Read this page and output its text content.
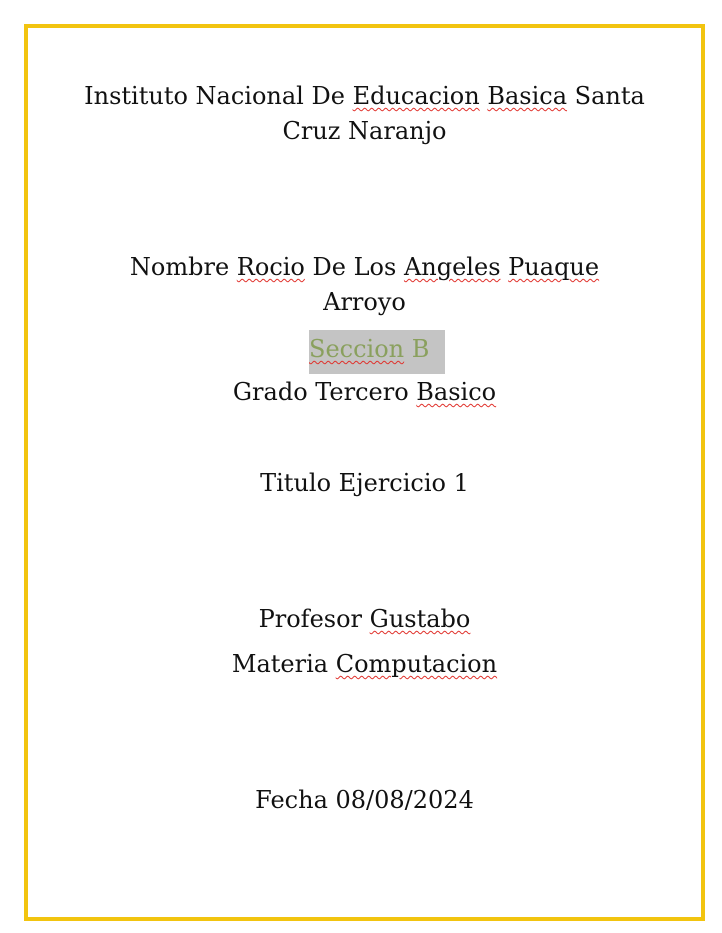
Instituto Nacional De Educacion Basica Santa
Cruz Naranjo
Nombre Rocio De Los Angeles Puaque
Arroyo
Seccion B
Grado Tercero Basico
Titulo Ejercicio 1
Profesor Gustabo
Materia Computacion
Fecha 08/08/2024
